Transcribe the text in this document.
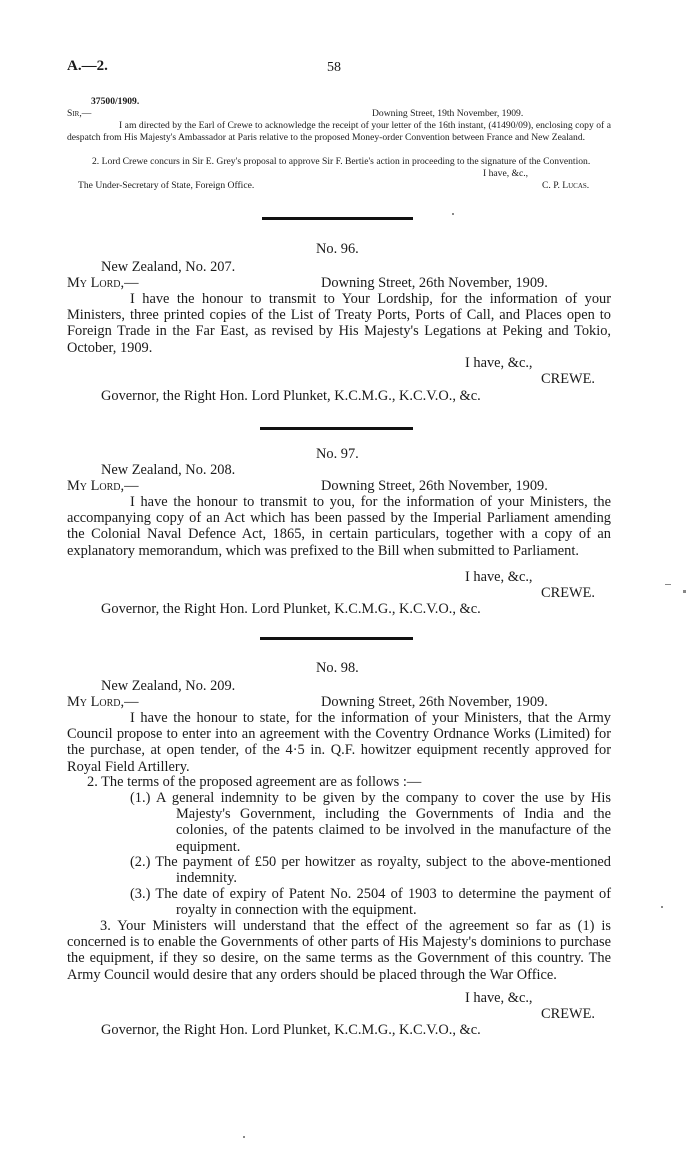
A.—2.	58
37500/1909.
Sir,—	Downing Street, 19th November, 1909.
I am directed by the Earl of Crewe to acknowledge the receipt of your letter of the 16th instant, (41490/09), enclosing copy of a despatch from His Majesty's Ambassador at Paris relative to the proposed Money-order Convention between France and New Zealand.
2. Lord Crewe concurs in Sir E. Grey's proposal to approve Sir F. Bertie's action in proceeding to the signature of the Convention.
I have, &c.,
The Under-Secretary of State, Foreign Office.	C. P. Lucas.
No. 96.
New Zealand, No. 207.
My Lord,—	Downing Street, 26th November, 1909.
I have the honour to transmit to Your Lordship, for the information of your Ministers, three printed copies of the List of Treaty Ports, Ports of Call, and Places open to Foreign Trade in the Far East, as revised by His Majesty's Legations at Peking and Tokio, October, 1909.
I have, &c.,
CREWE.
Governor, the Right Hon. Lord Plunket, K.C.M.G., K.C.V.O., &c.
No. 97.
New Zealand, No. 208.
My Lord,—	Downing Street, 26th November, 1909.
I have the honour to transmit to you, for the information of your Ministers, the accompanying copy of an Act which has been passed by the Imperial Parliament amending the Colonial Naval Defence Act, 1865, in certain particulars, together with a copy of an explanatory memorandum, which was prefixed to the Bill when submitted to Parliament.
I have, &c.,
CREWE.
Governor, the Right Hon. Lord Plunket, K.C.M.G., K.C.V.O., &c.
No. 98.
New Zealand, No. 209.
My Lord,—	Downing Street, 26th November, 1909.
I have the honour to state, for the information of your Ministers, that the Army Council propose to enter into an agreement with the Coventry Ordnance Works (Limited) for the purchase, at open tender, of the 4·5 in. Q.F. howitzer equipment recently approved for Royal Field Artillery.
2. The terms of the proposed agreement are as follows :—
(1.) A general indemnity to be given by the company to cover the use by His Majesty's Government, including the Governments of India and the colonies, of the patents claimed to be involved in the manufacture of the equipment.
(2.) The payment of £50 per howitzer as royalty, subject to the above-mentioned indemnity.
(3.) The date of expiry of Patent No. 2504 of 1903 to determine the payment of royalty in connection with the equipment.
3. Your Ministers will understand that the effect of the agreement so far as (1) is concerned is to enable the Governments of other parts of His Majesty's dominions to purchase the equipment, if they so desire, on the same terms as the Government of this country. The Army Council would desire that any orders should be placed through the War Office.
I have, &c.,
CREWE.
Governor, the Right Hon. Lord Plunket, K.C.M.G., K.C.V.O., &c.
